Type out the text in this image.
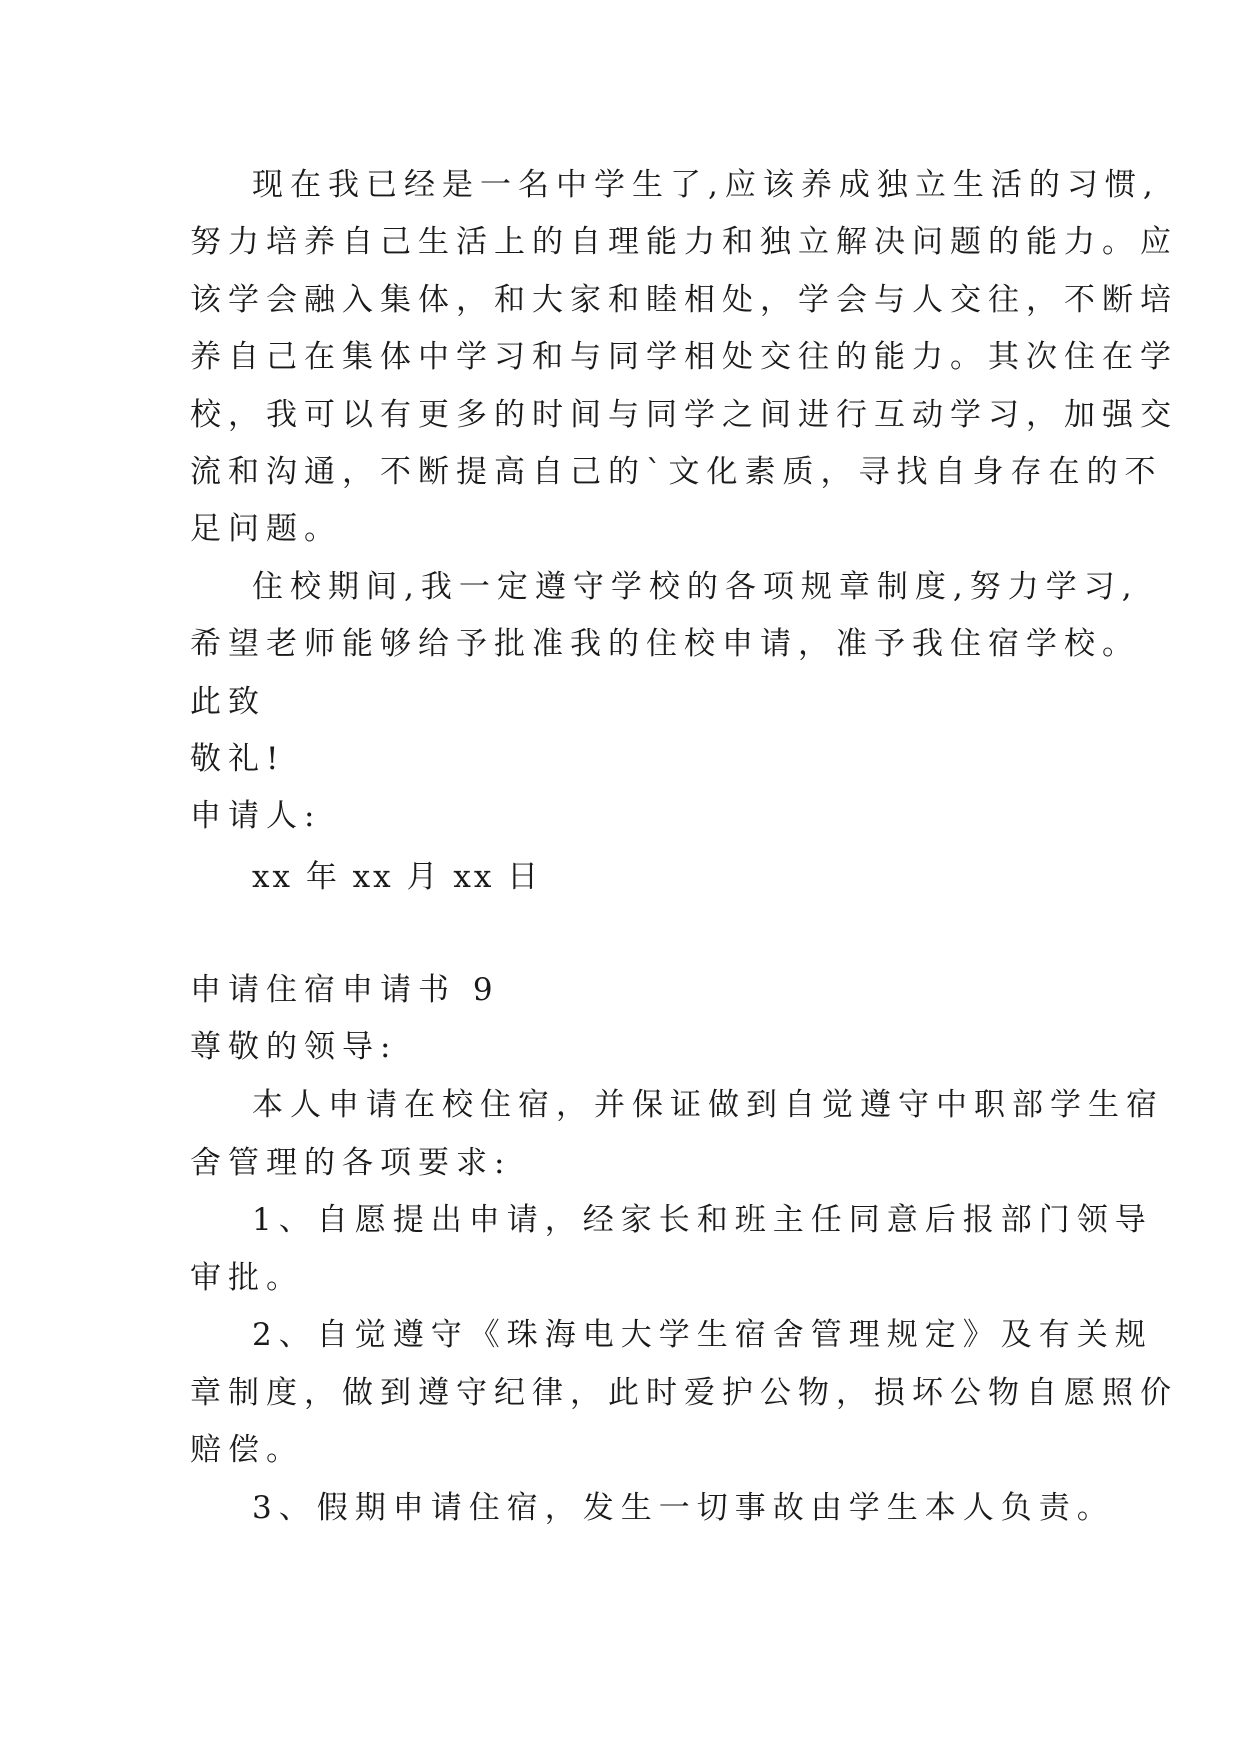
现在我已经是一名中学生了,应该养成独立生活的习惯,
努力培养自己生活上的自理能力和独立解决问题的能力。应
该学会融入集体，和大家和睦相处，学会与人交往，不断培
养自己在集体中学习和与同学相处交往的能力。其次住在学
校，我可以有更多的时间与同学之间进行互动学习，加强交
流和沟通，不断提高自己的`文化素质，寻找自身存在的不
足问题。
住校期间,我一定遵守学校的各项规章制度,努力学习,
希望老师能够给予批准我的住校申请，准予我住宿学校。
此致
敬礼!
申请人:
xx 年 xx 月 xx 日
申请住宿申请书 9
尊敬的领导:
本人申请在校住宿，并保证做到自觉遵守中职部学生宿
舍管理的各项要求:
1、自愿提出申请，经家长和班主任同意后报部门领导
审批。
2、自觉遵守《珠海电大学生宿舍管理规定》及有关规
章制度，做到遵守纪律，此时爱护公物，损坏公物自愿照价
赔偿。
3、假期申请住宿，发生一切事故由学生本人负责。
